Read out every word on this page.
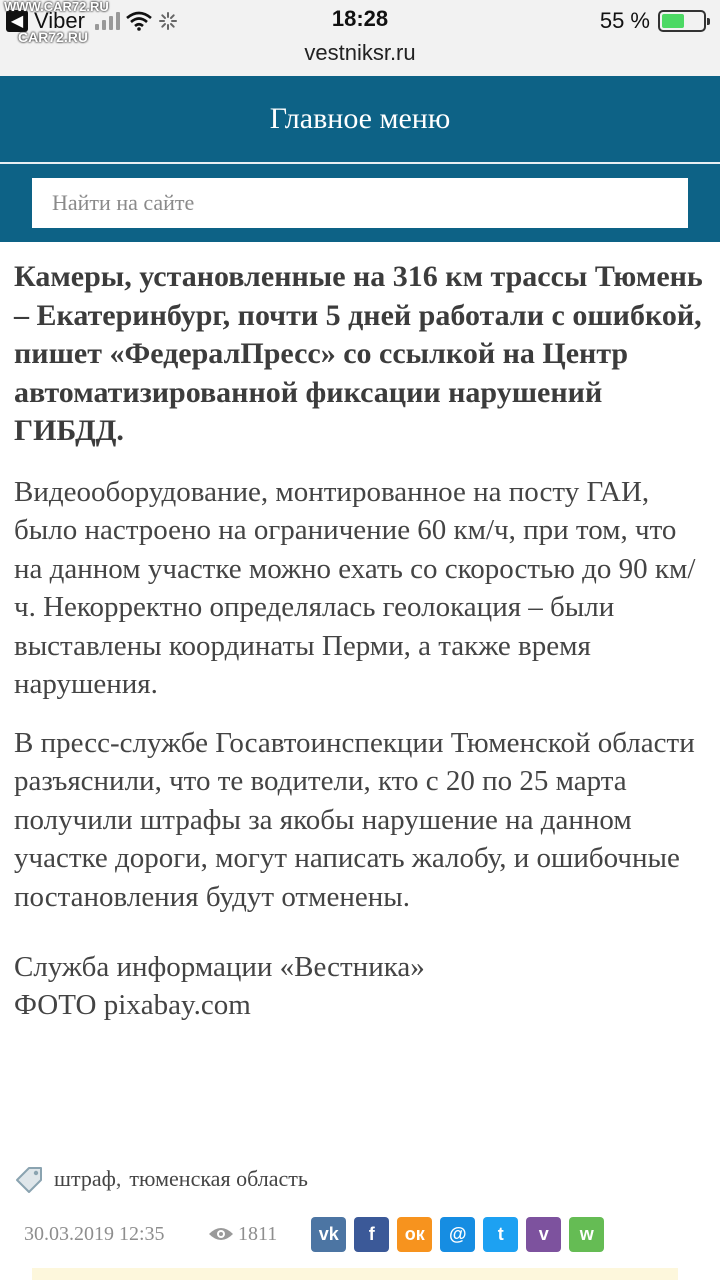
◀ Viber	18:28
vestniksr.ru
55 %
WWW.CAR72.RU
CAR72.RU
Главное меню
Найти на сайте
Камеры, установленные на 316 км трассы Тюмень – Екатеринбург, почти 5 дней работали с ошибкой, пишет «ФедералПресс» со ссылкой на Центр автоматизированной фиксации нарушений ГИБДД.

Видеооборудование, монтированное на посту ГАИ, было настроено на ограничение 60 км/ч, при том, что на данном участке можно ехать со скоростью до 90 км/ч. Некорректно определялась геолокация – были выставлены координаты Перми, а также время нарушения.

В пресс-службе Госавтоинспекции Тюменской области разъяснили, что те водители, кто с 20 по 25 марта получили штрафы за якобы нарушение на данном участке дороги, могут написать жалобу, и ошибочные постановления будут отменены.

Служба информации «Вестника»
ФОТО pixabay.com
штраф , тюменская область
30.03.2019 12:35	1811 vk f ок @ t v w
